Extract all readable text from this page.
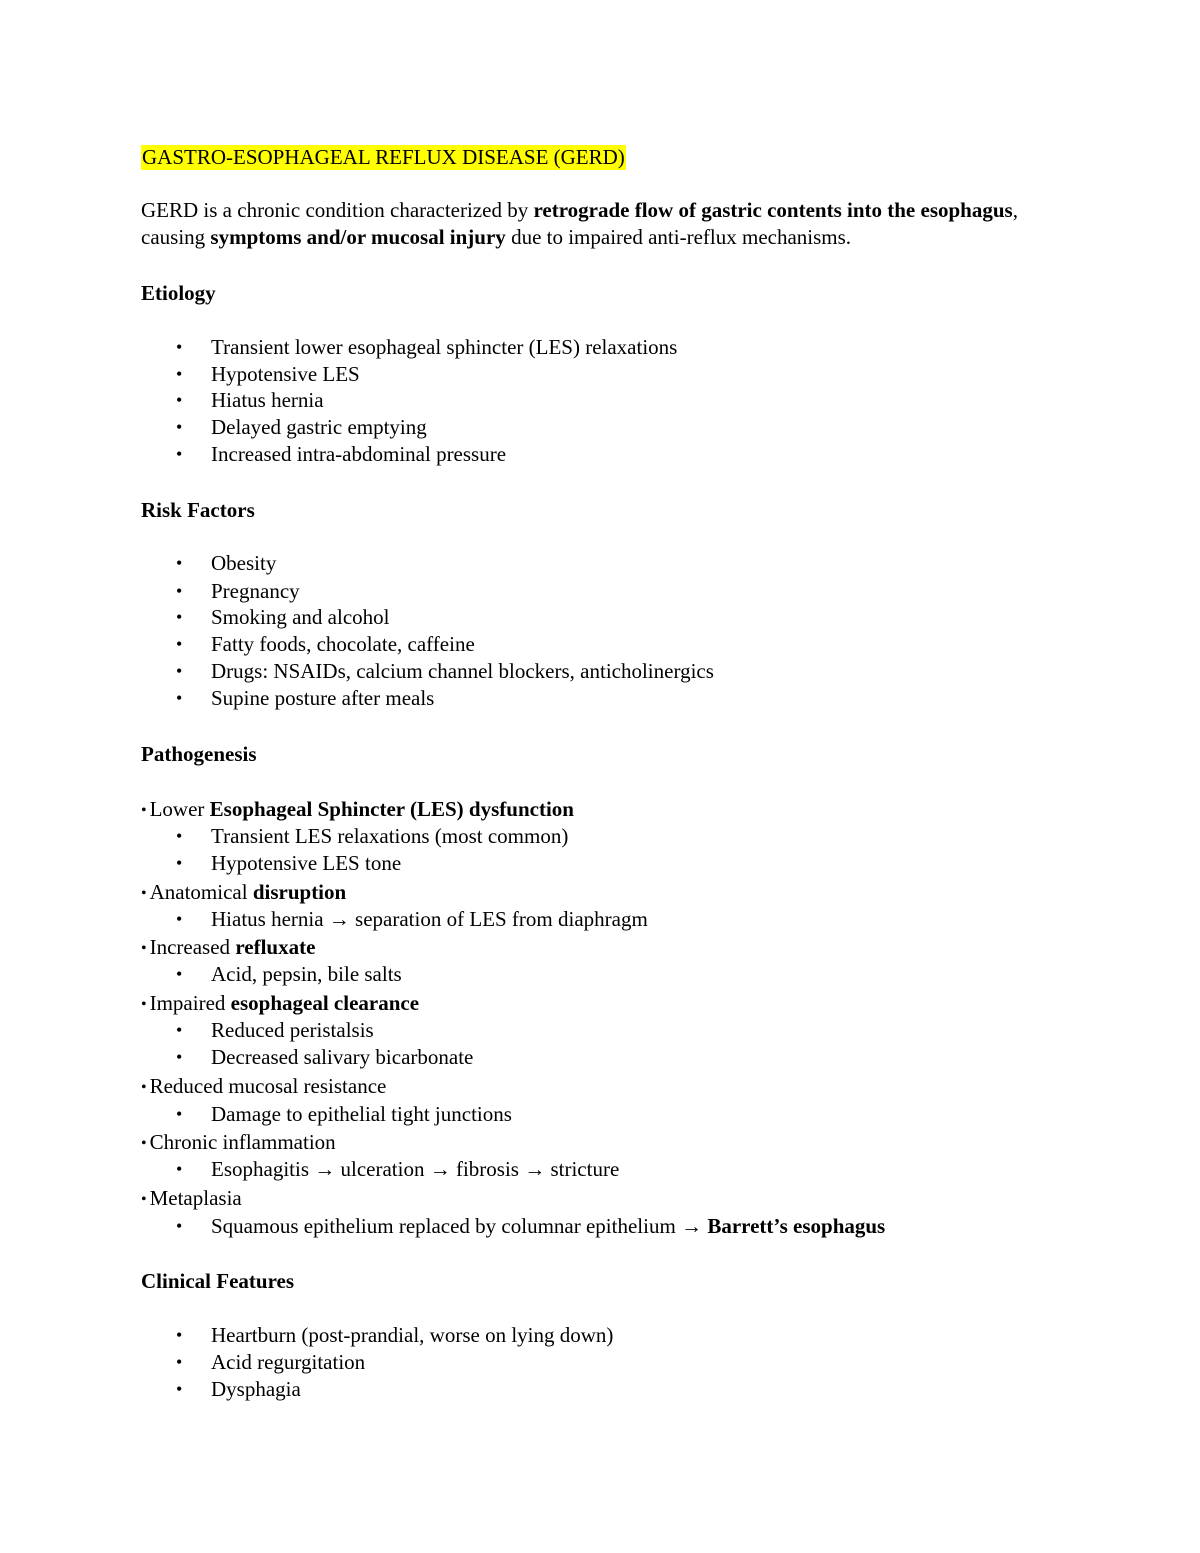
GASTRO-ESOPHAGEAL REFLUX DISEASE (GERD)
GERD is a chronic condition characterized by retrograde flow of gastric contents into the esophagus, causing symptoms and/or mucosal injury due to impaired anti-reflux mechanisms.
Etiology
• Transient lower esophageal sphincter (LES) relaxations
• Hypotensive LES
• Hiatus hernia
• Delayed gastric emptying
• Increased intra-abdominal pressure
Risk Factors
• Obesity
• Pregnancy
• Smoking and alcohol
• Fatty foods, chocolate, caffeine
• Drugs: NSAIDs, calcium channel blockers, anticholinergics
• Supine posture after meals
Pathogenesis
• Lower Esophageal Sphincter (LES) dysfunction
• Transient LES relaxations (most common)
• Hypotensive LES tone
• Anatomical disruption
• Hiatus hernia → separation of LES from diaphragm
• Increased refluxate
• Acid, pepsin, bile salts
• Impaired esophageal clearance
• Reduced peristalsis
• Decreased salivary bicarbonate
• Reduced mucosal resistance
• Damage to epithelial tight junctions
• Chronic inflammation
• Esophagitis → ulceration → fibrosis → stricture
• Metaplasia
• Squamous epithelium replaced by columnar epithelium → Barrett’s esophagus
Clinical Features
• Heartburn (post-prandial, worse on lying down)
• Acid regurgitation
• Dysphagia
